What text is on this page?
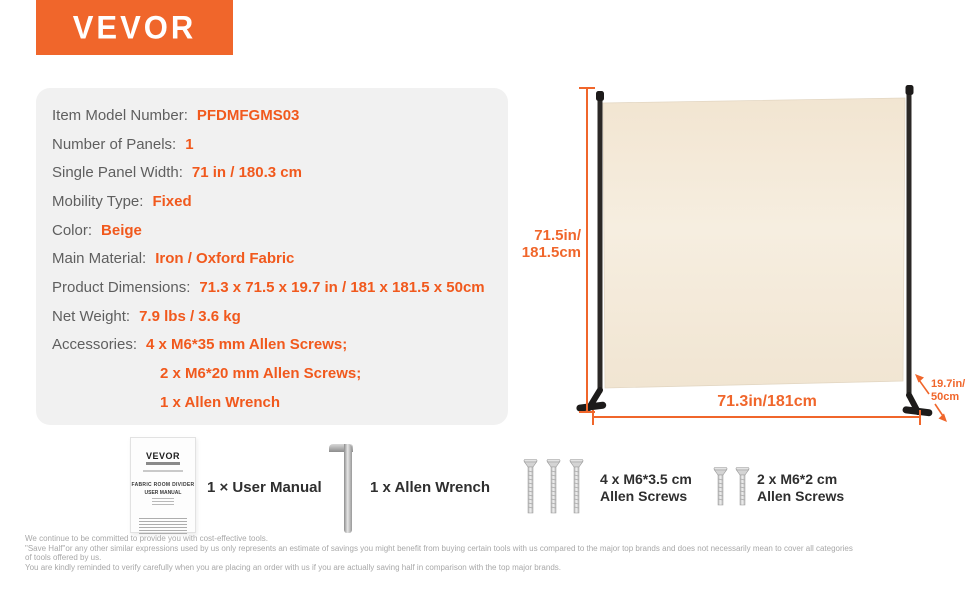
VEVOR
Item Model Number: PFDMFGMS03
Number of Panels: 1
Single Panel Width: 71 in / 180.3 cm
Mobility Type: Fixed
Color: Beige
Main Material: Iron / Oxford Fabric
Product Dimensions: 71.3 x 71.5 x 19.7 in / 181 x 181.5 x 50cm
Net Weight: 7.9 lbs / 3.6 kg
Accessories: 4 x M6*35 mm Allen Screws;
2 x M6*20 mm Allen Screws;
1 x Allen Wrench
71.5in/
181.5cm
71.3in/181cm
19.7in/
50cm
VEVOR
FABRIC ROOM DIVIDER
USER MANUAL	1 × User Manual	1 x Allen Wrench	4 x M6*3.5 cm
Allen Screws
2 x M6*2 cm
Allen Screws
We continue to be committed to provide you with cost-effective tools.
"Save Half"or any other similar expressions used by us only represents an estimate of savings you might benefit from buying certain tools with us compared to the major top brands and does not necessarily mean to cover all categories
of tools offered by us.
You are kindly reminded to verify carefully when you are placing an order with us if you are actually saving half in comparison with the top major brands.
